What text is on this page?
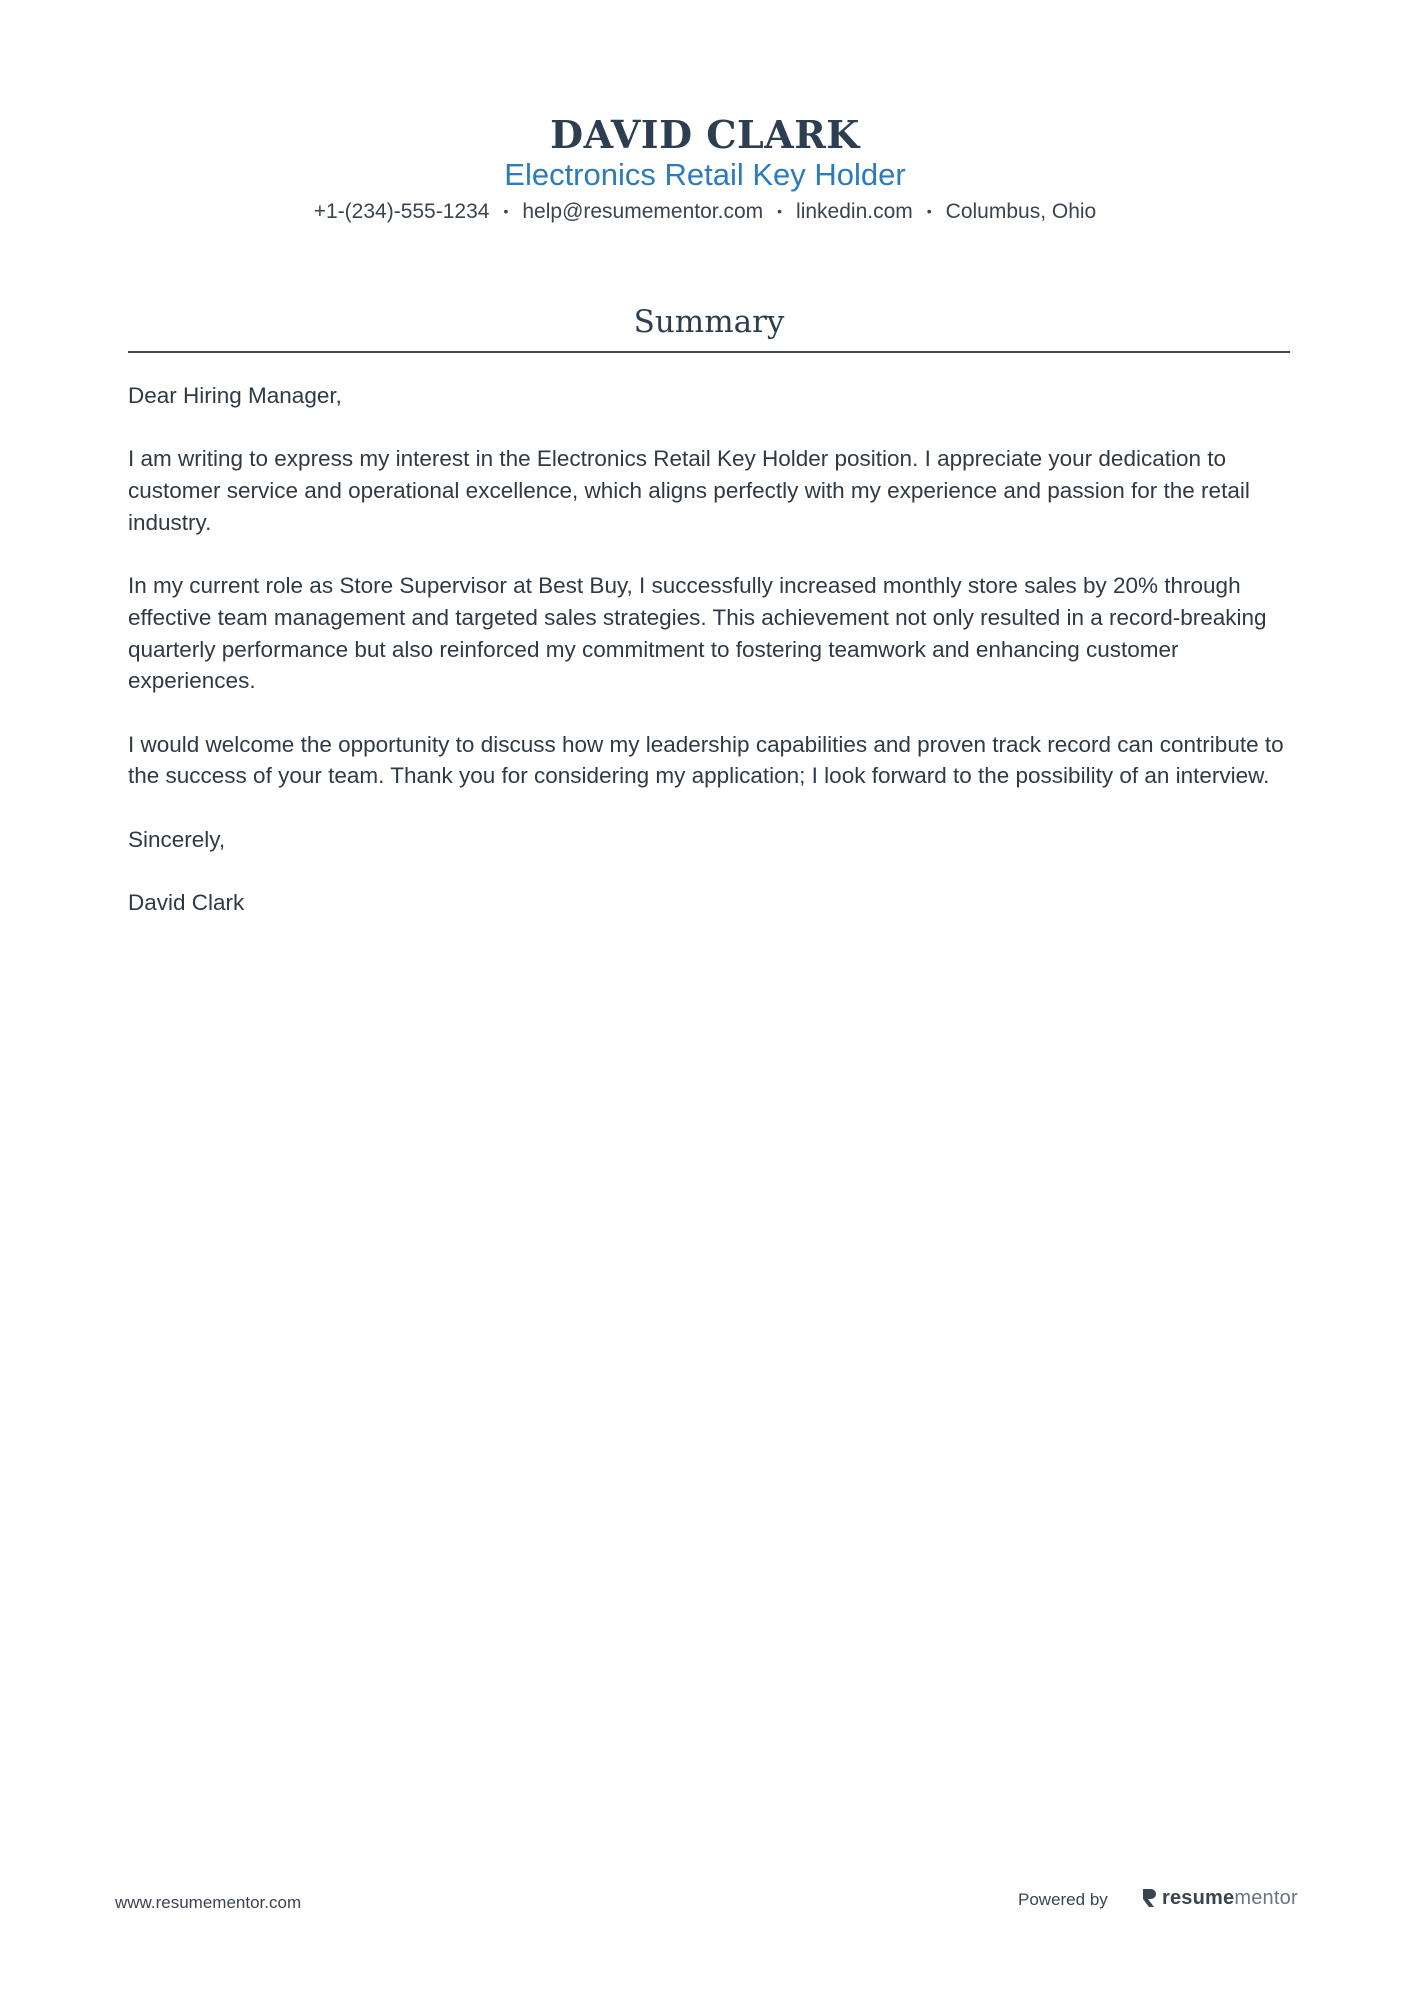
DAVID CLARK
Electronics Retail Key Holder
+1-(234)-555-1234 • help@resumementor.com • linkedin.com • Columbus, Ohio
Summary

Dear Hiring Manager,

I am writing to express my interest in the Electronics Retail Key Holder position. I appreciate your dedication to customer service and operational excellence, which aligns perfectly with my experience and passion for the retail industry.

In my current role as Store Supervisor at Best Buy, I successfully increased monthly store sales by 20% through effective team management and targeted sales strategies. This achievement not only resulted in a record-breaking quarterly performance but also reinforced my commitment to fostering teamwork and enhancing customer experiences.

I would welcome the opportunity to discuss how my leadership capabilities and proven track record can contribute to the success of your team. Thank you for considering my application; I look forward to the possibility of an interview.

Sincerely,

David Clark

www.resumementor.com	Powered by	resumementor
